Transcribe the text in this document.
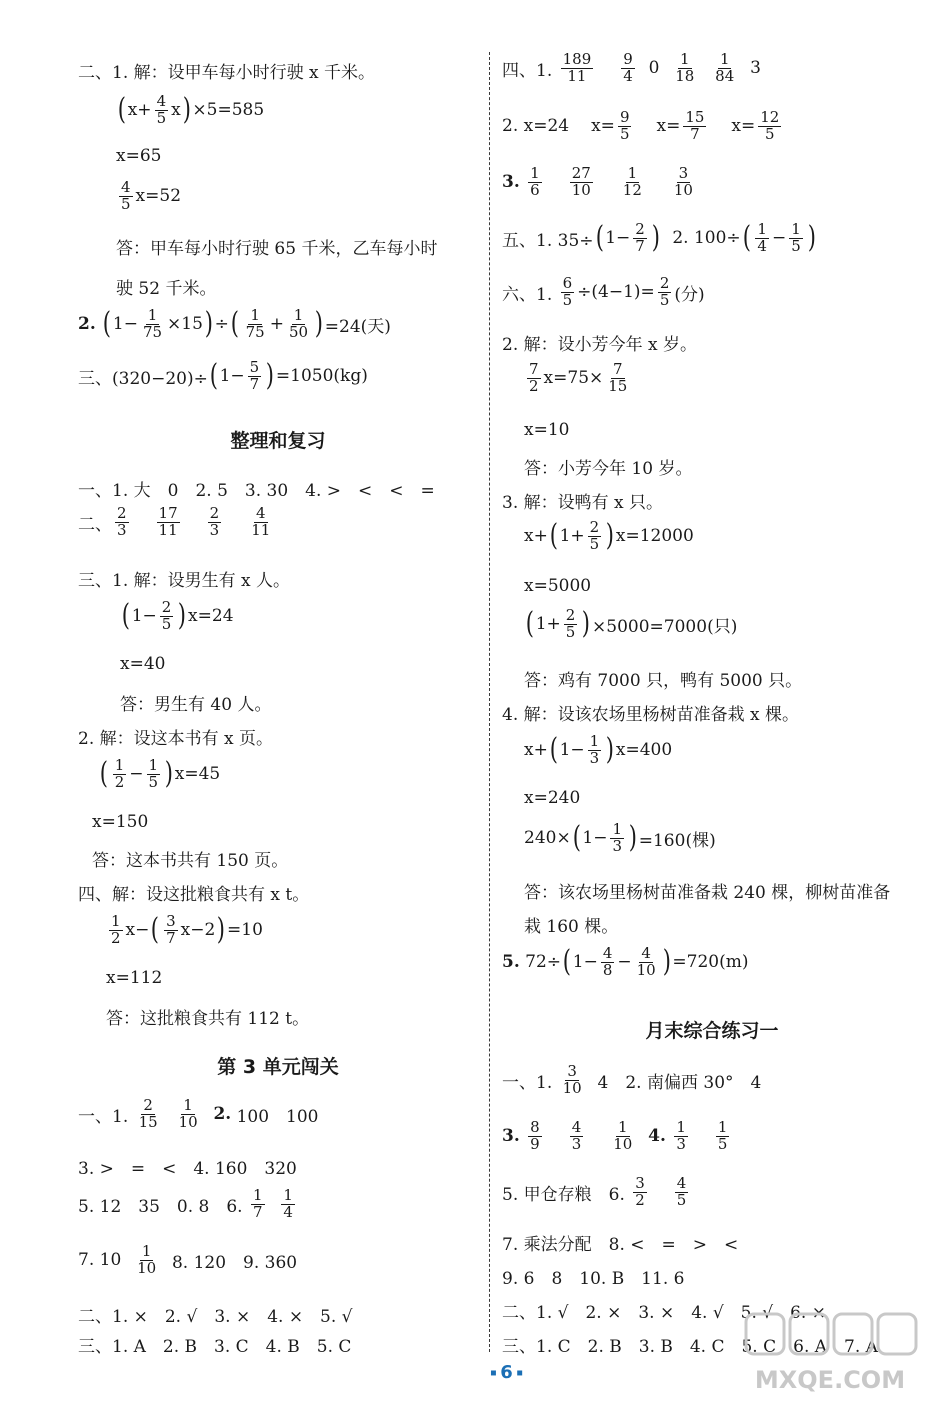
二、1. 解：设甲车每小时行驶 x 千米。
( $x+ \frac{4}{5}$ x ) ×5=585
x=65
$\frac{4}{5} x=52$
答：甲车每小时行驶 65 千米，乙车每小时
驶 52 千米。
2.
( $1- \frac{1}{75} \times 15$ ) ÷ ( $\frac{1}{75} + \frac{1}{50}$ ) =24(天)
三、(320−20)÷ ( $1- \frac{5}{7}$ ) =1050(kg)
整理和复习
一、1. 大　0　2. 5　3. 30　4. >　<　<　=
二、 $\frac{2}{3} \frac{17}{11} \frac{2}{3} \frac{4}{11}$
三、1. 解：设男生有 x 人。
( $1- \frac{2}{5}$ ) x=24
x=40
答：男生有 40 人。
2. 解：设这本书有 x 页。
( $\frac{1}{2} - \frac{1}{5}$ ) x=45
x=150
答：这本书共有 150 页。
四、解：设这批粮食共有 x t。
$\frac{1}{2} x-$ ( $\frac{3}{7} x-2$ ) =10
x=112
答：这批粮食共有 112 t。
第 3 单元闯关
一、1. $\frac{2}{15}$
$\frac{1}{10}$
2.
100　100
3. >　=　<　4. 160　320
5. 12　35　0. 8　6.
$\frac{1}{7}$
$\frac{1}{4}$
7. 10
$\frac{1}{10}$
8. 120　9. 360
二、1. ×　2. √　3. ×　4. ×　5. √
三、1. A　2. B　3. C　4. B　5. C
四、1. $\frac{189}{11} \frac{9}{4}$
0
$\frac{1}{18}$
$\frac{1}{84}$
3
2. x=24 $x= \frac{9}{5} x= \frac{15}{7} x= \frac{12}{5}$
3.
$\frac{1}{6} \frac{27}{10} \frac{1}{12} \frac{3}{10}$
五、1. 35÷ ( $1- \frac{2}{7}$ )
2. 100÷ ( $\frac{1}{4} - \frac{1}{5}$ )
六、1. $\frac{6}{5} \div(4-1)= \frac{2}{5}$ (分)
2. 解：设小芳今年 x 岁。
$\frac{7}{2} x=75\times \frac{7}{15}$
x=10
答：小芳今年 10 岁。
3. 解：设鸭有 x 只。
x+ ( $1+ \frac{2}{5}$ ) x=12000
x=5000
( $1+ \frac{2}{5}$ ) ×5000=7000(只)
答：鸡有 7000 只，鸭有 5000 只。
4. 解：设该农场里杨树苗准备栽 x 棵。
x+ ( $1- \frac{1}{3}$ ) x=400
x=240
240× ( $1- \frac{1}{3}$ ) =160(棵)
答：该农场里杨树苗准备栽 240 棵，柳树苗准备
栽 160 棵。
5. 72÷ ( $1- \frac{4}{8} - \frac{4}{10}$ ) =720(m)
月末综合练习一
一、1. $\frac{3}{10}$
4　2. 南偏西 30°　4
3.
$\frac{8}{9} \frac{4}{3} \frac{1}{10}$
4.
$\frac{1}{3} \frac{1}{5}$
5. 甲仓存粮　6.
$\frac{3}{2} \frac{4}{5}$
7. 乘法分配　8. <　=　>　<
9. 6　8　10. B　11. 6
二、1. √　2. ×　3. ×　4. √　5. √　6. ×
三、1. C　2. B　3. B　4. C　5. C　6. A　7. A
▪ 6 ▪	MXQE.COM
